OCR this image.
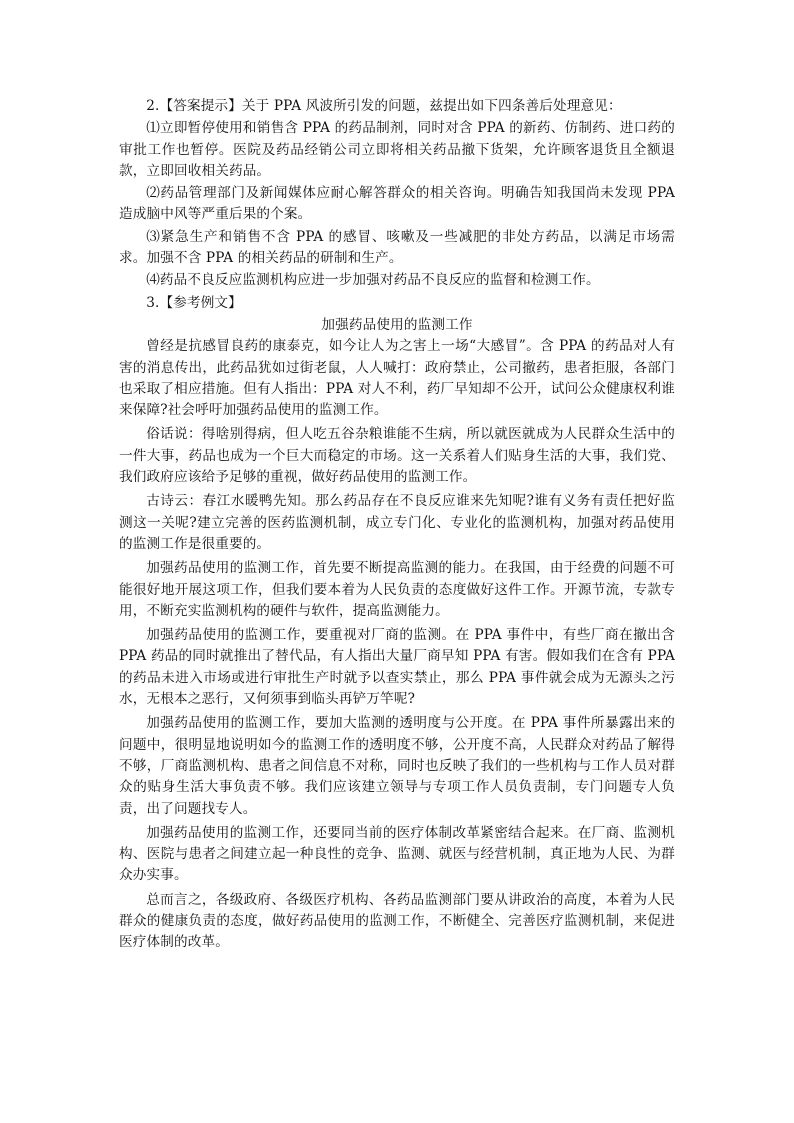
2.【答案提示】关于 PPA 风波所引发的问题，兹提出如下四条善后处理意见：

⑴立即暂停使用和销售含 PPA 的药品制剂，同时对含 PPA 的新药、仿制药、进口药的审批工作也暂停。医院及药品经销公司立即将相关药品撤下货架，允许顾客退货且全额退款，立即回收相关药品。

⑵药品管理部门及新闻媒体应耐心解答群众的相关咨询。明确告知我国尚未发现 PPA 造成脑中风等严重后果的个案。

⑶紧急生产和销售不含 PPA 的感冒、咳嗽及一些减肥的非处方药品，以满足市场需求。加强不含 PPA 的相关药品的研制和生产。

⑷药品不良反应监测机构应进一步加强对药品不良反应的监督和检测工作。

3.【参考例文】

加强药品使用的监测工作

曾经是抗感冒良药的康泰克，如今让人为之害上一场“大感冒”。含 PPA 的药品对人有害的消息传出，此药品犹如过街老鼠，人人喊打：政府禁止，公司撤药，患者拒服，各部门也采取了相应措施。但有人指出：PPA 对人不利，药厂早知却不公开，试问公众健康权利谁来保障?社会呼吁加强药品使用的监测工作。

俗话说：得啥别得病，但人吃五谷杂粮谁能不生病，所以就医就成为人民群众生活中的一件大事，药品也成为一个巨大而稳定的市场。这一关系着人们贴身生活的大事，我们党、我们政府应该给予足够的重视，做好药品使用的监测工作。

古诗云：春江水暖鸭先知。那么药品存在不良反应谁来先知呢?谁有义务有责任把好监测这一关呢?建立完善的医药监测机制，成立专门化、专业化的监测机构，加强对药品使用的监测工作是很重要的。

加强药品使用的监测工作，首先要不断提高监测的能力。在我国，由于经费的问题不可能很好地开展这项工作，但我们要本着为人民负责的态度做好这件工作。开源节流，专款专用，不断充实监测机构的硬件与软件，提高监测能力。

加强药品使用的监测工作，要重视对厂商的监测。在 PPA 事件中，有些厂商在撤出含 PPA 药品的同时就推出了替代品，有人指出大量厂商早知 PPA 有害。假如我们在含有 PPA 的药品未进入市场或进行审批生产时就予以查实禁止，那么 PPA 事件就会成为无源头之污水，无根本之恶行，又何须事到临头再铲万竿呢?

加强药品使用的监测工作，要加大监测的透明度与公开度。在 PPA 事件所暴露出来的问题中，很明显地说明如今的监测工作的透明度不够，公开度不高，人民群众对药品了解得不够，厂商监测机构、患者之间信息不对称，同时也反映了我们的一些机构与工作人员对群众的贴身生活大事负责不够。我们应该建立领导与专项工作人员负责制，专门问题专人负责，出了问题找专人。

加强药品使用的监测工作，还要同当前的医疗体制改革紧密结合起来。在厂商、监测机构、医院与患者之间建立起一种良性的竞争、监测、就医与经营机制，真正地为人民、为群众办实事。

总而言之，各级政府、各级医疗机构、各药品监测部门要从讲政治的高度，本着为人民群众的健康负责的态度，做好药品使用的监测工作，不断健全、完善医疗监测机制，来促进医疗体制的改革。
